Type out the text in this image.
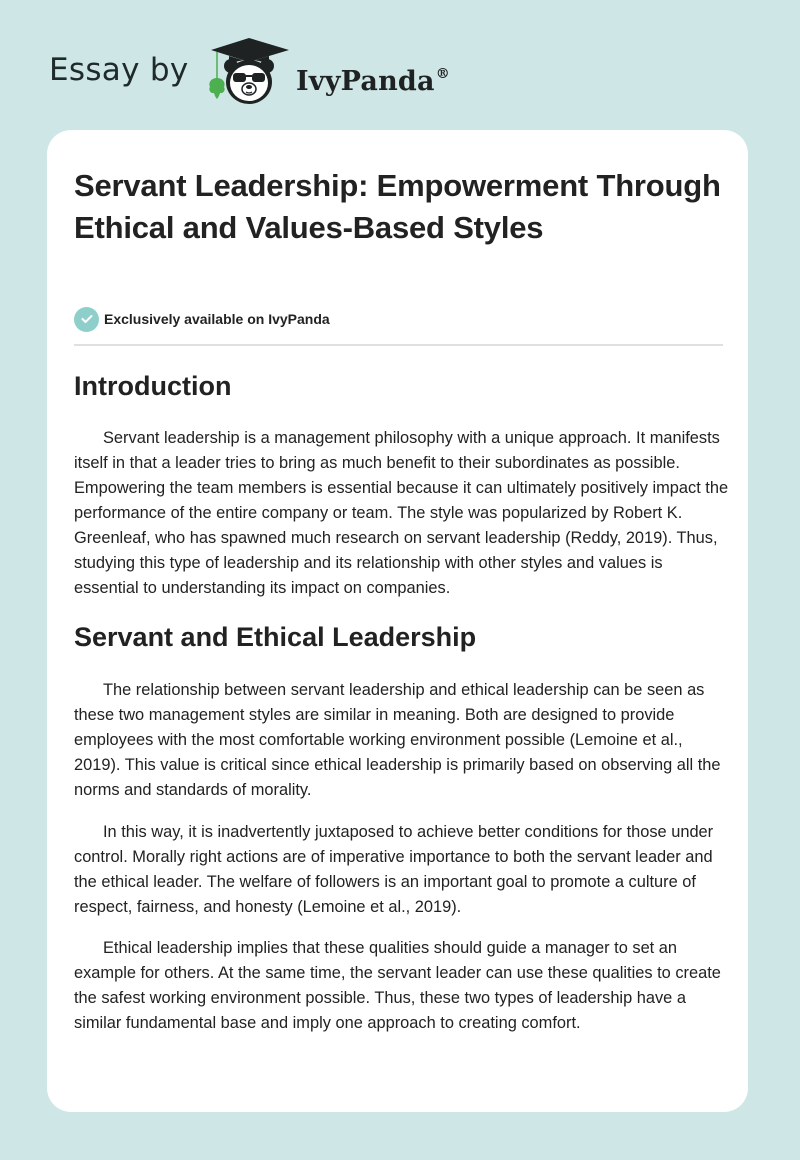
Essay by	IvyPanda®
Servant Leadership: Empowerment Through Ethical and Values-Based Styles
Exclusively available on IvyPanda
Introduction

Servant leadership is a management philosophy with a unique approach. It manifests itself in that a leader tries to bring as much benefit to their subordinates as possible. Empowering the team members is essential because it can ultimately positively impact the performance of the entire company or team. The style was popularized by Robert K. Greenleaf, who has spawned much research on servant leadership (Reddy, 2019). Thus, studying this type of leadership and its relationship with other styles and values is essential to understanding its impact on companies.

Servant and Ethical Leadership

The relationship between servant leadership and ethical leadership can be seen as these two management styles are similar in meaning. Both are designed to provide employees with the most comfortable working environment possible (Lemoine et al., 2019). This value is critical since ethical leadership is primarily based on observing all the norms and standards of morality.

In this way, it is inadvertently juxtaposed to achieve better conditions for those under control. Morally right actions are of imperative importance to both the servant leader and the ethical leader. The welfare of followers is an important goal to promote a culture of respect, fairness, and honesty (Lemoine et al., 2019).

Ethical leadership implies that these qualities should guide a manager to set an example for others. At the same time, the servant leader can use these qualities to create the safest working environment possible. Thus, these two types of leadership have a similar fundamental base and imply one approach to creating comfort.
